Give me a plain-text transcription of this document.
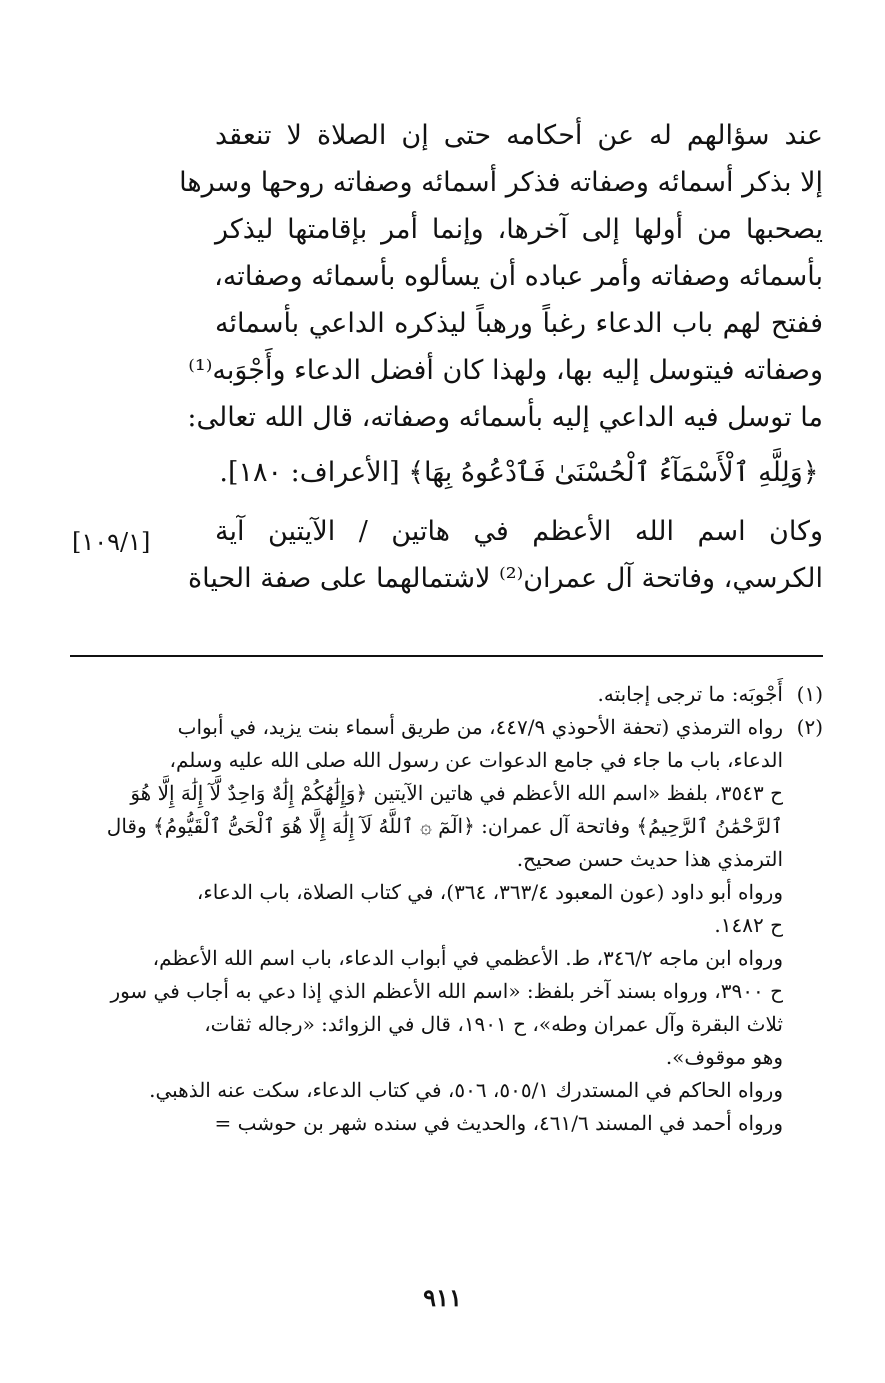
عند سؤالهم له عن أحكامه حتى إن الصلاة لا تنعقد
إلا بذكر أسمائه وصفاته فذكر أسمائه وصفاته روحها وسرها
يصحبها من أولها إلى آخرها، وإنما أمر بإقامتها ليذكر
بأسمائه وصفاته وأمر عباده أن يسألوه بأسمائه وصفاته،
ففتح لهم باب الدعاء رغباً ورهباً ليذكره الداعي بأسمائه
وصفاته فيتوسل إليه بها، ولهذا كان أفضل الدعاء وأَجْوَبه⁽¹⁾
ما توسل فيه الداعي إليه بأسمائه وصفاته، قال الله تعالى:

﴿وَلِلَّهِ ٱلْأَسْمَآءُ ٱلْحُسْنَىٰ فَٱدْعُوهُ بِهَا﴾ [الأعراف: ١٨٠].

وكان اسم الله الأعظم في هاتين / الآيتين آية
الكرسي، وفاتحة آل عمران⁽²⁾ لاشتمالهما على صفة الحياة

[١٠٩/١]
(١)
أَجْوبَه: ما ترجى إجابته.
(٢)
رواه الترمذي (تحفة الأحوذي ٤٤٧/٩، من طريق أسماء بنت يزيد، في أبواب
الدعاء، باب ما جاء في جامع الدعوات عن رسول الله صلى الله عليه وسلم،
ح ٣٥٤٣، بلفظ «اسم الله الأعظم في هاتين الآيتين ﴿وَإِلَٰهُكُمْ إِلَٰهٌ وَاحِدٌ لَّآ إِلَٰهَ إِلَّا هُوَ
ٱلرَّحْمَٰنُ ٱلرَّحِيمُ﴾ وفاتحة آل عمران: ﴿الٓمٓ ۞ ٱللَّهُ لَآ إِلَٰهَ إِلَّا هُوَ ٱلْحَىُّ ٱلْقَيُّومُ﴾ وقال
الترمذي هذا حديث حسن صحيح.
ورواه أبو داود (عون المعبود ٣٦٣/٤، ٣٦٤)، في كتاب الصلاة، باب الدعاء،
ح ١٤٨٢.
ورواه ابن ماجه ٣٤٦/٢، ط. الأعظمي في أبواب الدعاء، باب اسم الله الأعظم،
ح ٣٩٠٠، ورواه بسند آخر بلفظ: «اسم الله الأعظم الذي إذا دعي به أجاب في سور
ثلاث البقرة وآل عمران وطه»، ح ١٩٠١، قال في الزوائد: «رجاله ثقات،
وهو موقوف».
ورواه الحاكم في المستدرك ٥٠٥/١، ٥٠٦، في كتاب الدعاء، سكت عنه الذهبي.
ورواه أحمد في المسند ٤٦١/٦، والحديث في سنده شهر بن حوشب =
٩١١
